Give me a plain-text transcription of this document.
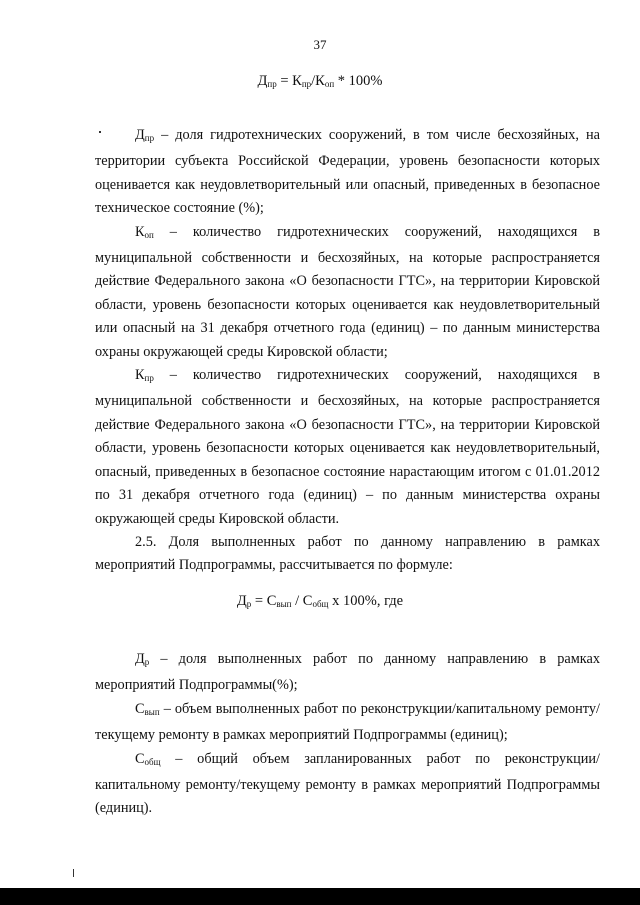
37
$Д_{пр} = К_{пр}/К_{оп} * 100\%$

$Д_{пр}$ – доля гидротехнических сооружений, в том числе бесхозяйных, на территории субъекта Российской Федерации, уровень безопасности которых оценивается как неудовлетворительный или опасный, приведенных в безопасное техническое состояние (%);

$К_{оп}$ – количество гидротехнических сооружений, находящихся в муниципальной собственности и бесхозяйных, на которые распространяется действие Федерального закона «О безопасности ГТС», на территории Кировской области, уровень безопасности которых оценивается как неудовлетворительный или опасный на 31 декабря отчетного года (единиц) – по данным министерства охраны окружающей среды Кировской области;

$К_{пр}$ – количество гидротехнических сооружений, находящихся в муниципальной собственности и бесхозяйных, на которые распространяется действие Федерального закона «О безопасности ГТС», на территории Кировской области, уровень безопасности которых оценивается как неудовлетворительный, опасный, приведенных в безопасное состояние нарастающим итогом с 01.01.2012 по 31 декабря отчетного года (единиц) – по данным министерства охраны окружающей среды Кировской области.

2.5. Доля выполненных работ по данному направлению в рамках мероприятий Подпрограммы, рассчитывается по формуле:

$Д_р = С_{вып} / С_{общ}$ x 100%, где

$Д_р$ – доля выполненных работ по данному направлению в рамках мероприятий Подпрограммы(%);

$С_{вып}$ – объем выполненных работ по реконструкции/капитальному ремонту/текущему ремонту в рамках мероприятий Подпрограммы (единиц);

$С_{общ}$ – общий объем запланированных работ по реконструкции/капитальному ремонту/текущему ремонту в рамках мероприятий Подпрограммы (единиц).
